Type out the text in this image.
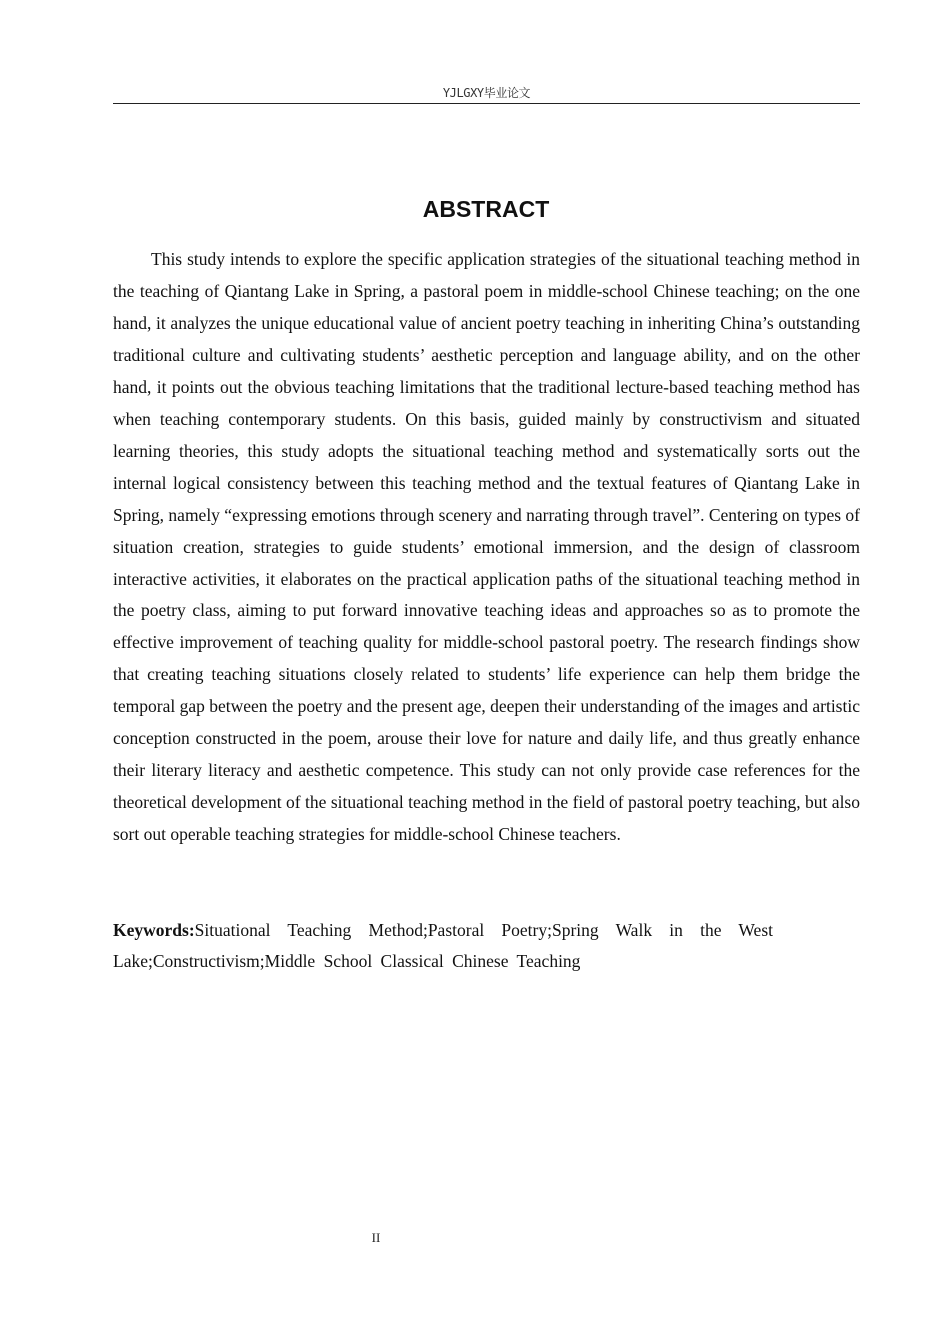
YJLGXY毕业论文
ABSTRACT

This study intends to explore the specific application strategies of the situational teaching method in the teaching of Qiantang Lake in Spring, a pastoral poem in middle-school Chinese teaching; on the one hand, it analyzes the unique educational value of ancient poetry teaching in inheriting China’s outstanding traditional culture and cultivating students’ aesthetic perception and language ability, and on the other hand, it points out the obvious teaching limitations that the traditional lecture-based teaching method has when teaching contemporary students. On this basis, guided mainly by constructivism and situated learning theories, this study adopts the situational teaching method and systematically sorts out the internal logical consistency between this teaching method and the textual features of Qiantang Lake in Spring, namely “expressing emotions through scenery and narrating through travel”. Centering on types of situation creation, strategies to guide students’ emotional immersion, and the design of classroom interactive activities, it elaborates on the practical application paths of the situational teaching method in the poetry class, aiming to put forward innovative teaching ideas and approaches so as to promote the effective improvement of teaching quality for middle-school pastoral poetry. The research findings show that creating teaching situations closely related to students’ life experience can help them bridge the temporal gap between the poetry and the present age, deepen their understanding of the images and artistic conception constructed in the poem, arouse their love for nature and daily life, and thus greatly enhance their literary literacy and aesthetic competence. This study can not only provide case references for the theoretical development of the situational teaching method in the field of pastoral poetry teaching, but also sort out operable teaching strategies for middle-school Chinese teachers.

Keywords:Situational Teaching Method;Pastoral Poetry;Spring Walk in the West Lake;Constructivism;Middle School Classical Chinese Teaching

II
